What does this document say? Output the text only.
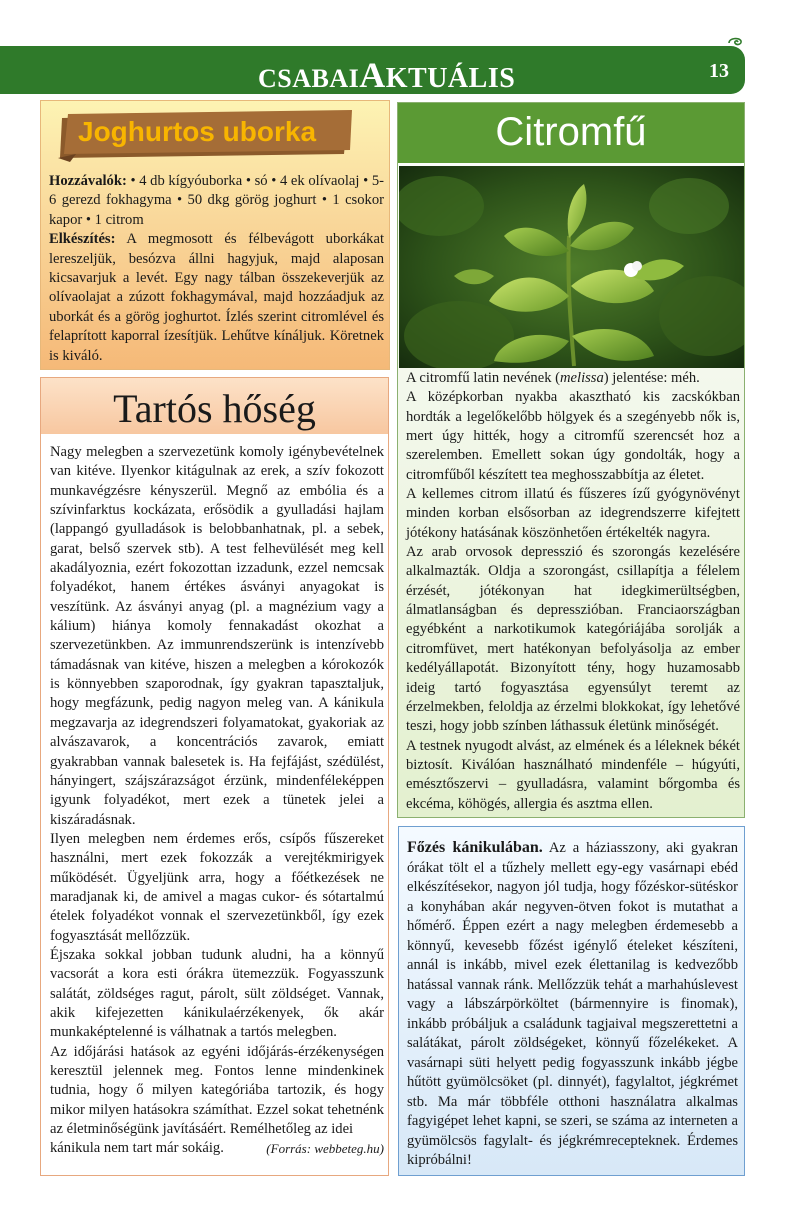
CSABAIAKTUÁLIS	13
Joghurtos uborka
Hozzávalók: • 4 db kígyóuborka • só • 4 ek olívaolaj • 5-6 gerezd fokhagyma • 50 dkg görög joghurt • 1 csokor kapor • 1 citrom
Elkészítés: A megmosott és félbevágott uborkákat lereszeljük, besózva állni hagyjuk, majd alaposan kicsavarjuk a levét. Egy nagy tálban összekeverjük az olívaolajat a zúzott fokhagymával, majd hozzáadjuk az uborkát és a görög joghurtot. Ízlés szerint citromlével és felaprított kaporral ízesítjük. Lehűtve kínáljuk. Köretnek is kiváló.
Tartós hőség

Nagy melegben a szervezetünk komoly igénybevételnek van kitéve. Ilyenkor kitágulnak az erek, a szív fokozott munkavégzésre kényszerül. Megnő az embólia és a szívinfarktus kockázata, erősödik a gyulladási hajlam (lappangó gyulladások is belobbanhatnak, pl. a sebek, garat, belső szervek stb). A test felhevülését meg kell akadályoznia, ezért fokozottan izzadunk, ezzel nemcsak folyadékot, hanem értékes ásványi anyagokat is veszítünk. Az ásványi anyag (pl. a magnézium vagy a kálium) hiánya komoly fennakadást okozhat a szervezetünkben. Az immunrendszerünk is intenzívebb támadásnak van kitéve, hiszen a melegben a kórokozók is könnyebben szaporodnak, így gyakran tapasztaljuk, hogy megfázunk, pedig nagyon meleg van. A kánikula megzavarja az idegrendszeri folyamatokat, gyakoriak az alvászavarok, a koncentrációs zavarok, emiatt gyakrabban vannak balesetek is. Ha fejfájást, szédülést, hányingert, szájszárazságot érzünk, mindenféleképpen igyunk folyadékot, mert ezek a tünetek jelei a kiszáradásnak.

Ilyen melegben nem érdemes erős, csípős fűszereket használni, mert ezek fokozzák a verejtékmirigyek működését. Ügyeljünk arra, hogy a főétkezések ne maradjanak ki, de amivel a magas cukor- és sótartalmú ételek folyadékot vonnak el szervezetünkből, így ezek fogyasztását mellőzzük.

Éjszaka sokkal jobban tudunk aludni, ha a könnyű vacsorát a kora esti órákra ütemezzük. Fogyasszunk salátát, zöldséges ragut, párolt, sült zöldséget. Vannak, akik kifejezetten kánikulaérzékenyek, ők akár munkaképtelenné is válhatnak a tartós melegben.

Az időjárási hatások az egyéni időjárás-érzékenységen keresztül jelennek meg. Fontos lenne mindenkinek tudnia, hogy ő milyen kategóriába tartozik, és hogy mikor milyen hatásokra számíthat. Ezzel sokat tehetnénk az életminőségünk javításáért. Remélhetőleg az idei

kánikula nem tart már sokáig.	(Forrás: webbeteg.hu)

Citromfű

A citromfű latin nevének (melissa) jelentése: méh.

A középkorban nyakba akasztható kis zacskókban hordták a legelőkelőbb hölgyek és a szegényebb nők is, mert úgy hitték, hogy a citromfű szerencsét hoz a szerelemben. Emellett sokan úgy gondolták, hogy a citromfűből készített tea meghosszabbítja az életet.

A kellemes citrom illatú és fűszeres ízű gyógynövényt minden korban elsősorban az idegrendszerre kifejtett jótékony hatásának köszönhetően értékelték nagyra.

Az arab orvosok depresszió és szorongás kezelésére alkalmazták. Oldja a szorongást, csillapítja a félelem érzését, jótékonyan hat idegkimerültségben, álmatlanságban és depresszióban. Franciaországban egyébként a narkotikumok kategóriájába sorolják a citromfüvet, mert hatékonyan befolyásolja az ember kedélyállapotát. Bizonyított tény, hogy huzamosabb ideig tartó fogyasztása egyensúlyt teremt az érzelmekben, feloldja az érzelmi blokkokat, így lehetővé teszi, hogy jobb színben láthassuk életünk minőségét.

A testnek nyugodt alvást, az elmének és a léleknek békét biztosít. Kiválóan használható mindenféle – húgyúti, emésztőszervi – gyulladásra, valamint bőrgomba és ekcéma, köhögés, allergia és asztma ellen.

Főzés kánikulában. Az a háziasszony, aki gyakran órákat tölt el a tűzhely mellett egy-egy vasárnapi ebéd elkészítésekor, nagyon jól tudja, hogy főzéskor-sütéskor a konyhában akár negyven-ötven fokot is mutathat a hőmérő. Éppen ezért a nagy melegben érdemesebb a könnyű, kevesebb főzést igénylő ételeket készíteni, annál is inkább, mivel ezek élettanilag is kedvezőbb hatással vannak ránk. Mellőzzük tehát a marhahúslevest vagy a lábszárpörköltet (bármennyire is finomak), inkább próbáljuk a családunk tagjaival megszerettetni a salátákat, párolt zöldségeket, könnyű főzelékeket. A vasárnapi süti helyett pedig fogyasszunk inkább jégbe hűtött gyümölcsöket (pl. dinnyét), fagylaltot, jégkrémet stb. Ma már többféle otthoni használatra alkalmas fagyigépet lehet kapni, se szeri, se száma az interneten a gyümölcsös fagylalt- és jégkrémrecepteknek. Érdemes kipróbálni!
